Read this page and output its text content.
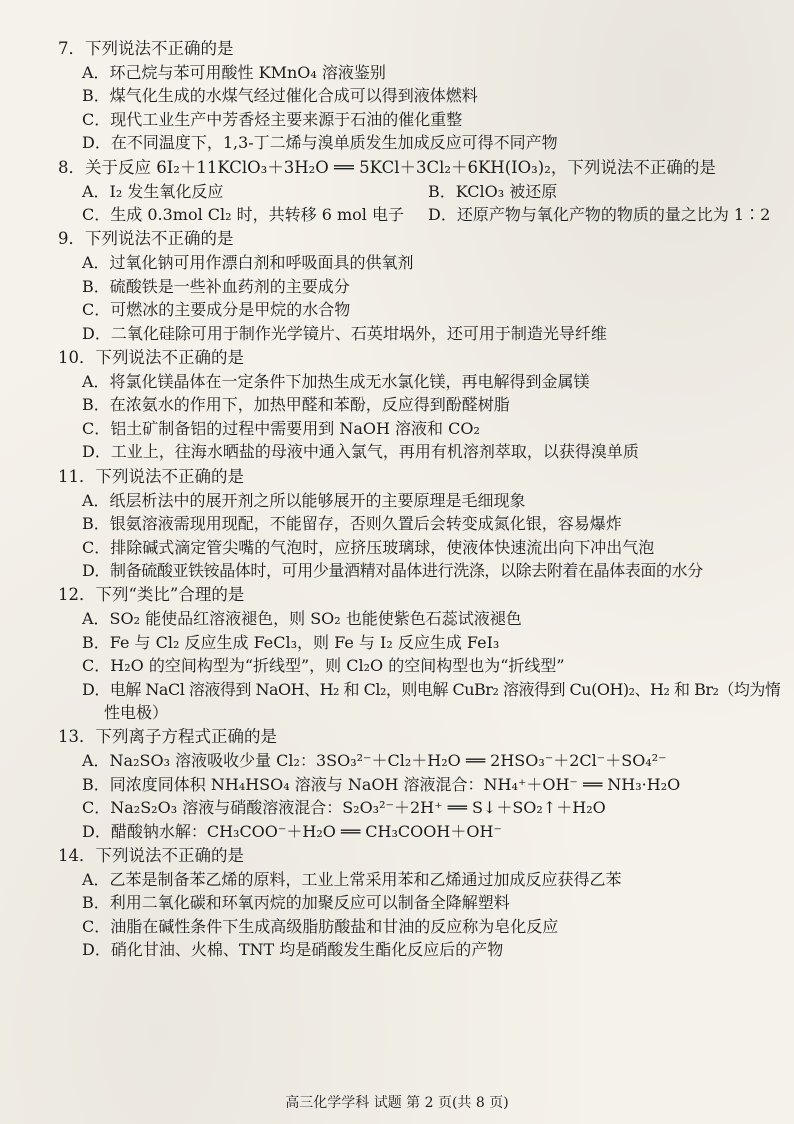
7．下列说法不正确的是
A．环己烷与苯可用酸性 KMnO₄ 溶液鉴别
B．煤气化生成的水煤气经过催化合成可以得到液体燃料
C．现代工业生产中芳香烃主要来源于石油的催化重整
D．在不同温度下，1,3-丁二烯与溴单质发生加成反应可得不同产物
8．关于反应 6I₂＋11KClO₃＋3H₂O ══ 5KCl＋3Cl₂＋6KH(IO₃)₂，下列说法不正确的是
A．I₂ 发生氧化反应	B．KClO₃ 被还原
C．生成 0.3mol Cl₂ 时，共转移 6 mol 电子	D．还原产物与氧化产物的物质的量之比为 1∶2
9．下列说法不正确的是
A．过氧化钠可用作漂白剂和呼吸面具的供氧剂
B．硫酸铁是一些补血药剂的主要成分
C．可燃冰的主要成分是甲烷的水合物
D．二氧化硅除可用于制作光学镜片、石英坩埚外，还可用于制造光导纤维
10．下列说法不正确的是
A．将氯化镁晶体在一定条件下加热生成无水氯化镁，再电解得到金属镁
B．在浓氨水的作用下，加热甲醛和苯酚，反应得到酚醛树脂
C．铝土矿制备铝的过程中需要用到 NaOH 溶液和 CO₂
D．工业上，往海水晒盐的母液中通入氯气，再用有机溶剂萃取，以获得溴单质
11．下列说法不正确的是
A．纸层析法中的展开剂之所以能够展开的主要原理是毛细现象
B．银氨溶液需现用现配，不能留存，否则久置后会转变成氮化银，容易爆炸
C．排除碱式滴定管尖嘴的气泡时，应挤压玻璃球，使液体快速流出向下冲出气泡
D．制备硫酸亚铁铵晶体时，可用少量酒精对晶体进行洗涤，以除去附着在晶体表面的水分
12．下列“类比”合理的是
A．SO₂ 能使品红溶液褪色，则 SO₂ 也能使紫色石蕊试液褪色
B．Fe 与 Cl₂ 反应生成 FeCl₃，则 Fe 与 I₂ 反应生成 FeI₃
C．H₂O 的空间构型为“折线型”，则 Cl₂O 的空间构型也为“折线型”
D．电解 NaCl 溶液得到 NaOH、H₂ 和 Cl₂，则电解 CuBr₂ 溶液得到 Cu(OH)₂、H₂ 和 Br₂（均为惰
性电极）
13．下列离子方程式正确的是
A．Na₂SO₃ 溶液吸收少量 Cl₂：3SO₃²⁻＋Cl₂＋H₂O ══ 2HSO₃⁻＋2Cl⁻＋SO₄²⁻
B．同浓度同体积 NH₄HSO₄ 溶液与 NaOH 溶液混合：NH₄⁺＋OH⁻ ══ NH₃·H₂O
C．Na₂S₂O₃ 溶液与硝酸溶液混合：S₂O₃²⁻＋2H⁺ ══ S↓＋SO₂↑＋H₂O
D．醋酸钠水解：CH₃COO⁻＋H₂O ══ CH₃COOH＋OH⁻
14．下列说法不正确的是
A．乙苯是制备苯乙烯的原料，工业上常采用苯和乙烯通过加成反应获得乙苯
B．利用二氧化碳和环氧丙烷的加聚反应可以制备全降解塑料
C．油脂在碱性条件下生成高级脂肪酸盐和甘油的反应称为皂化反应
D．硝化甘油、火棉、TNT 均是硝酸发生酯化反应后的产物
高三化学学科 试题 第 2 页(共 8 页)
